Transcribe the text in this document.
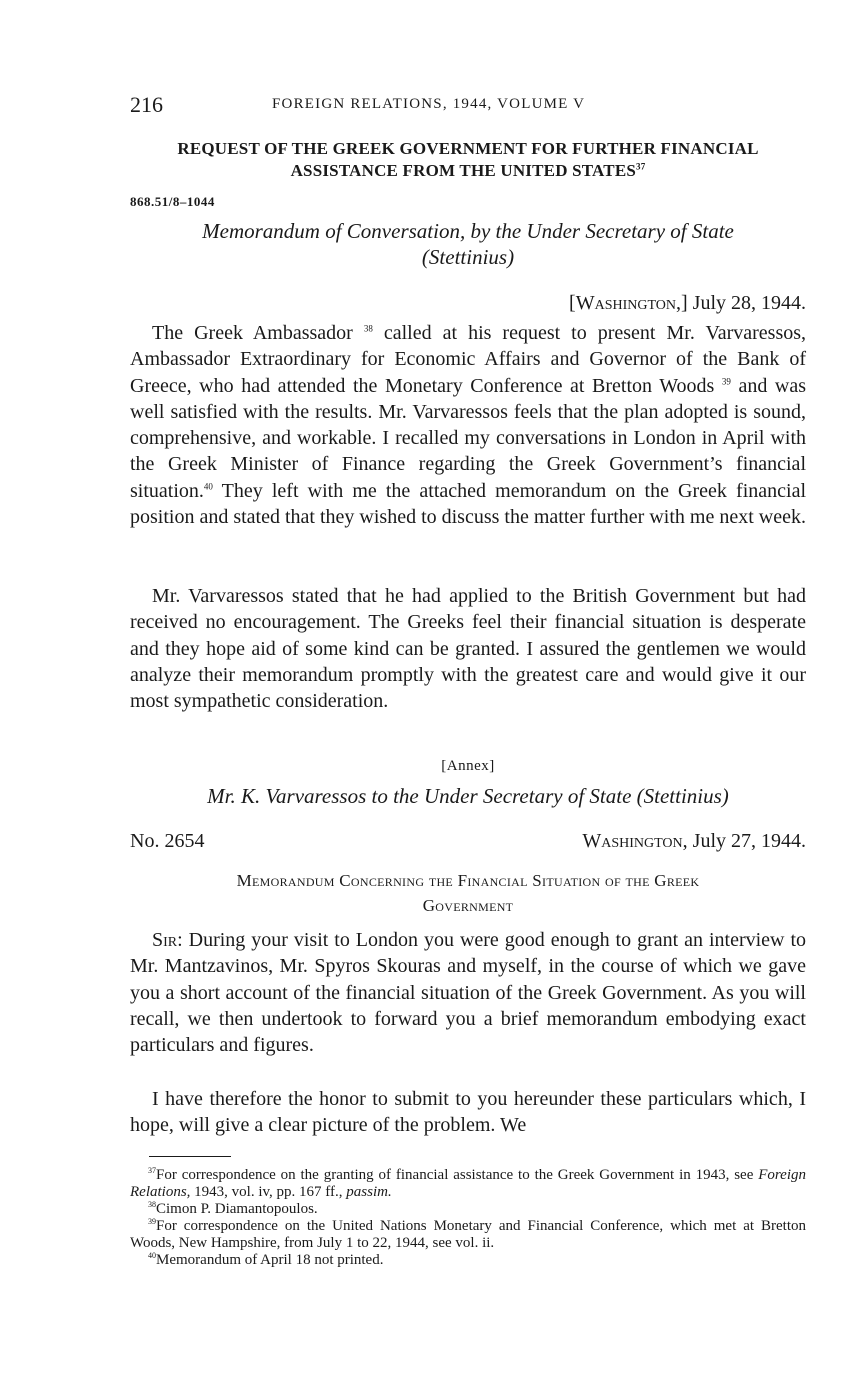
216	FOREIGN RELATIONS, 1944, VOLUME V
REQUEST OF THE GREEK GOVERNMENT FOR FURTHER FINANCIAL
ASSISTANCE FROM THE UNITED STATES$^{37}$
868.51/8–1044
Memorandum of Conversation, by the Under Secretary of State
(Stettinius)
[Washington,] July 28, 1944.

The Greek Ambassador $^{38}$ called at his request to present Mr. Varvaressos, Ambassador Extraordinary for Economic Affairs and Governor of the Bank of Greece, who had attended the Monetary Conference at Bretton Woods $^{39}$ and was well satisfied with the results. Mr. Varvaressos feels that the plan adopted is sound, comprehensive, and workable. I recalled my conversations in London in April with the Greek Minister of Finance regarding the Greek Government’s financial situation.$^{40}$ They left with me the attached memorandum on the Greek financial position and stated that they wished to discuss the matter further with me next week.

Mr. Varvaressos stated that he had applied to the British Government but had received no encouragement. The Greeks feel their financial situation is desperate and they hope aid of some kind can be granted. I assured the gentlemen we would analyze their memorandum promptly with the greatest care and would give it our most sympathetic consideration.

[Annex]
Mr. K. Varvaressos to the Under Secretary of State (Stettinius)
No. 2654	Washington, July 27, 1944.
Memorandum Concerning the Financial Situation of the Greek
Government

Sir: During your visit to London you were good enough to grant an interview to Mr. Mantzavinos, Mr. Spyros Skouras and myself, in the course of which we gave you a short account of the financial situation of the Greek Government. As you will recall, we then undertook to forward you a brief memorandum embodying exact particulars and figures.

I have therefore the honor to submit to you hereunder these particulars which, I hope, will give a clear picture of the problem. We

$^{37}$For correspondence on the granting of financial assistance to the Greek Government in 1943, see Foreign Relations, 1943, vol. iv, pp. 167 ff., passim.

$^{38}$Cimon P. Diamantopoulos.

$^{39}$For correspondence on the United Nations Monetary and Financial Conference, which met at Bretton Woods, New Hampshire, from July 1 to 22, 1944, see vol. ii.

$^{40}$Memorandum of April 18 not printed.
